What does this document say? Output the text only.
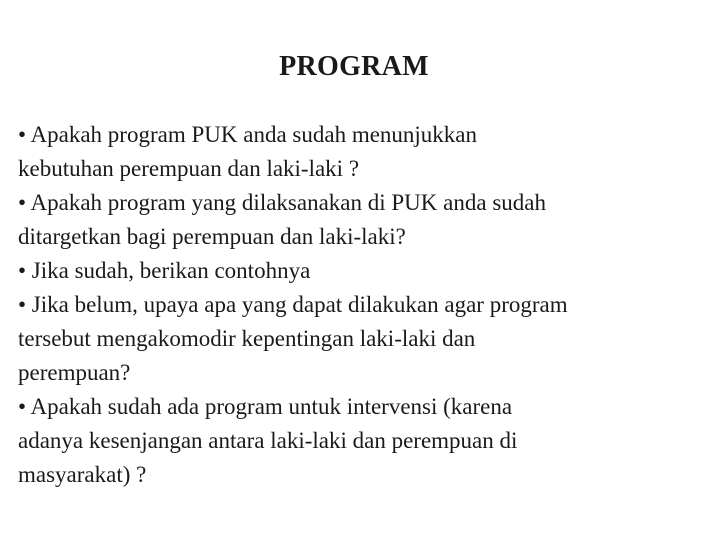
PROGRAM
• Apakah program PUK anda sudah menunjukkan
kebutuhan perempuan dan laki-laki ?
• Apakah program yang dilaksanakan di PUK anda sudah
ditargetkan bagi perempuan dan laki-laki?
• Jika sudah, berikan contohnya
• Jika belum, upaya apa yang dapat dilakukan agar program
tersebut mengakomodir kepentingan laki-laki dan
perempuan?
• Apakah sudah ada program untuk intervensi (karena
adanya kesenjangan antara laki-laki dan perempuan di
masyarakat) ?
